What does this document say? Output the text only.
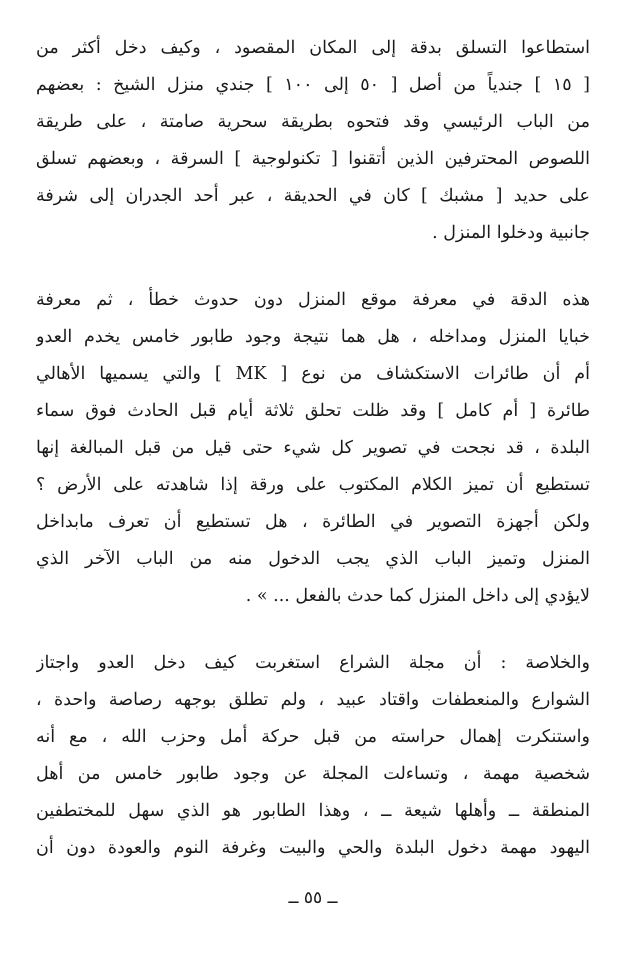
استطاعوا التسلق بدقة إلى المكان المقصود ، وكيف دخل أكثر من
[ ١٥ ] جندياً من أصل [ ٥٠ إلى ١٠٠ ] جندي منزل الشيخ : بعضهم
من الباب الرئيسي وقد فتحوه بطريقة سحرية صامتة ، على طريقة
اللصوص المحترفين الذين أتقنوا [ تكنولوجية ] السرقة ، وبعضهم تسلق
على حديد [ مشبك ] كان في الحديقة ، عبر أحد الجدران إلى شرفة
جانبية ودخلوا المنزل .
هذه الدقة في معرفة موقع المنزل دون حدوث خطأ ، ثم معرفة
خبايا المنزل ومداخله ، هل هما نتيجة وجود طابور خامس يخدم العدو
أم أن طائرات الاستكشاف من نوع [ MK ] والتي يسميها الأهالي
طائرة [ أم كامل ] وقد ظلت تحلق ثلاثة أيام قبل الحادث فوق سماء
البلدة ، قد نجحت في تصوير كل شيء حتى قيل من قبل المبالغة إنها
تستطيع أن تميز الكلام المكتوب على ورقة إذا شاهدته على الأرض ؟
ولكن أجهزة التصوير في الطائرة ، هل تستطيع أن تعرف مابداخل
المنزل وتميز الباب الذي يجب الدخول منه من الباب الآخر الذي
لايؤدي إلى داخل المنزل كما حدث بالفعل ... » .
والخلاصة : أن مجلة الشراع استغربت كيف دخل العدو واجتاز
الشوارع والمنعطفات واقتاد عبيد ، ولم تطلق بوجهه رصاصة واحدة ،
واستنكرت إهمال حراسته من قبل حركة أمل وحزب الله ، مع أنه
شخصية مهمة ، وتساءلت المجلة عن وجود طابور خامس من أهل
المنطقة ــ وأهلها شيعة ــ ، وهذا الطابور هو الذي سهل للمختطفين
اليهود مهمة دخول البلدة والحي والبيت وغرفة النوم والعودة دون أن
ــ ٥٥ ــ
